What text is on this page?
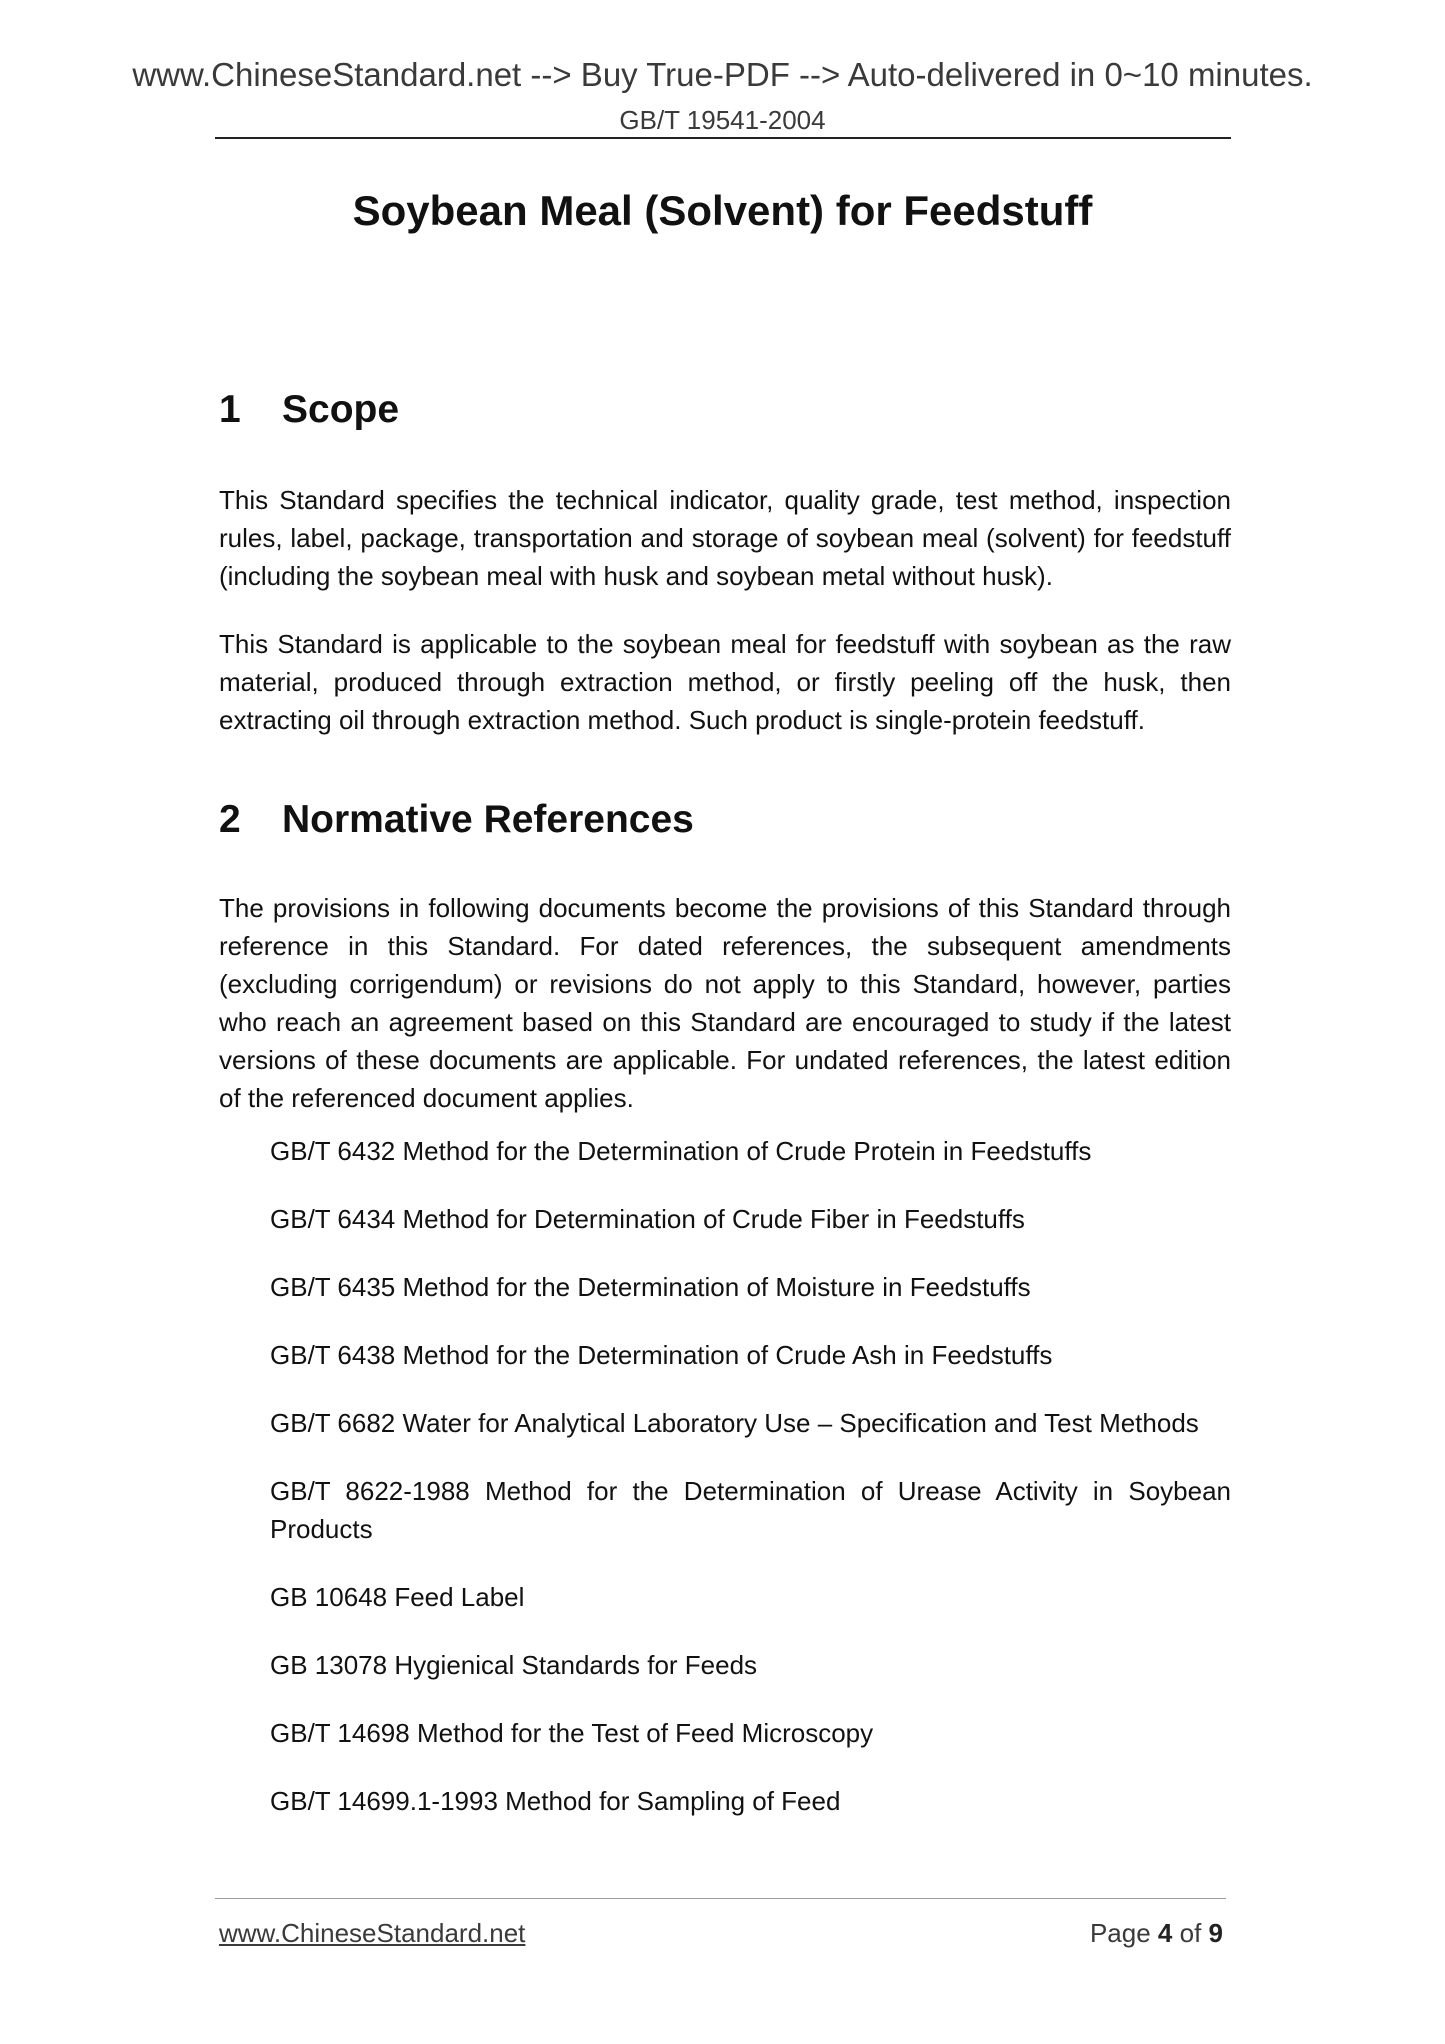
www.ChineseStandard.net --> Buy True-PDF --> Auto-delivered in 0~10 minutes.
GB/T 19541-2004
Soybean Meal (Solvent) for Feedstuff
1 Scope

This Standard specifies the technical indicator, quality grade, test method, inspection rules, label, package, transportation and storage of soybean meal (solvent) for feedstuff (including the soybean meal with husk and soybean metal without husk).

This Standard is applicable to the soybean meal for feedstuff with soybean as the raw material, produced through extraction method, or firstly peeling off the husk, then extracting oil through extraction method. Such product is single-protein feedstuff.

2 Normative References

The provisions in following documents become the provisions of this Standard through reference in this Standard. For dated references, the subsequent amendments (excluding corrigendum) or revisions do not apply to this Standard, however, parties who reach an agreement based on this Standard are encouraged to study if the latest versions of these documents are applicable. For undated references, the latest edition of the referenced document applies.

GB/T 6432 Method for the Determination of Crude Protein in Feedstuffs
GB/T 6434 Method for Determination of Crude Fiber in Feedstuffs
GB/T 6435 Method for the Determination of Moisture in Feedstuffs
GB/T 6438 Method for the Determination of Crude Ash in Feedstuffs
GB/T 6682 Water for Analytical Laboratory Use – Specification and Test Methods
GB/T 8622-1988 Method for the Determination of Urease Activity in Soybean Products
GB 10648 Feed Label
GB 13078 Hygienical Standards for Feeds
GB/T 14698 Method for the Test of Feed Microscopy
GB/T 14699.1-1993 Method for Sampling of Feed
www.ChineseStandard.net	Page 4 of 9
